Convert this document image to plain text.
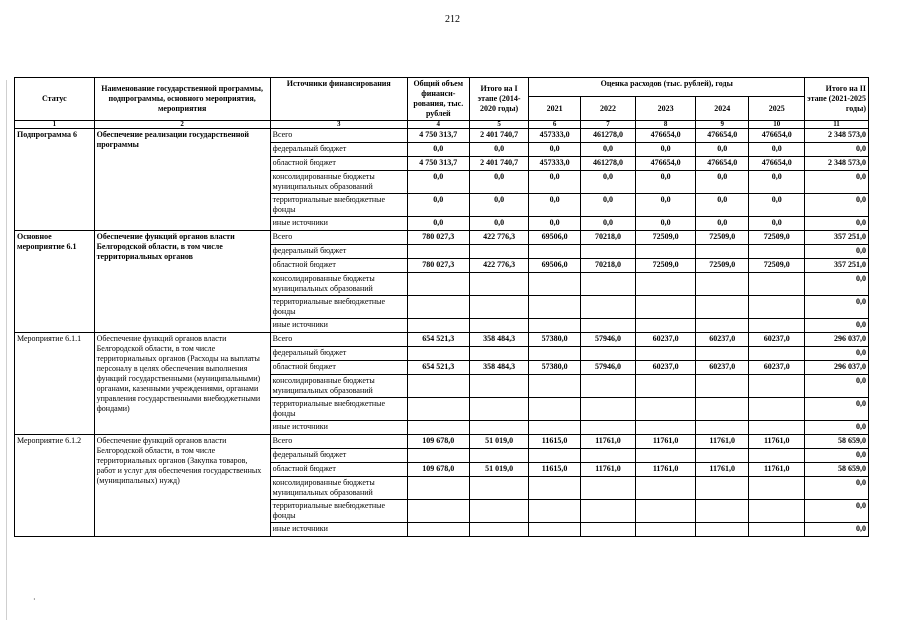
212
Статус	Наименование государственной программы, подпрограммы, основного мероприятия, мероприятия	Источники финансирования	Общий объем финанси-рования, тыс. рублей	Итого на I этапе (2014-2020 годы)	Оценка расходов (тыс. рублей), годы					Итого на II этапе (2021-2025 годы)
					2021	2022	2023	2024	2025	
1	2	3	4	5	6	7	8	9	10	11
Подпрограмма 6	Обеспечение реализации государственной программы	Всего	4 750 313,7	2 401 740,7	457333,0	461278,0	476654,0	476654,0	476654,0	2 348 573,0
		федеральный бюджет	0,0	0,0	0,0	0,0	0,0	0,0	0,0	0,0
		областной бюджет	4 750 313,7	2 401 740,7	457333,0	461278,0	476654,0	476654,0	476654,0	2 348 573,0
		консолидированные бюджеты муниципальных образований	0,0	0,0	0,0	0,0	0,0	0,0	0,0	0,0
		территориальные внебюджетные фонды	0,0	0,0	0,0	0,0	0,0	0,0	0,0	0,0
		иные источники	0,0	0,0	0,0	0,0	0,0	0,0	0,0	0,0
Основное мероприятие 6.1	Обеспечение функций органов власти Белгородской области, в том числе территориальных органов	Всего	780 027,3	422 776,3	69506,0	70218,0	72509,0	72509,0	72509,0	357 251,0
		федеральный бюджет								0,0
		областной бюджет	780 027,3	422 776,3	69506,0	70218,0	72509,0	72509,0	72509,0	357 251,0
		консолидированные бюджеты муниципальных образований								0,0
		территориальные внебюджетные фонды								0,0
		иные источники								0,0
Мероприятие 6.1.1	Обеспечение функций органов власти Белгородской области, в том числе территориальных органов (Расходы на выплаты персоналу в целях обеспечения выполнения функций государственными (муниципальными) органами, казенными учреждениями, органами управления государственными внебюджетными фондами)	Всего	654 521,3	358 484,3	57380,0	57946,0	60237,0	60237,0	60237,0	296 037,0
		федеральный бюджет								0,0
		областной бюджет	654 521,3	358 484,3	57380,0	57946,0	60237,0	60237,0	60237,0	296 037,0
		консолидированные бюджеты муниципальных образований								0,0
		территориальные внебюджетные фонды								0,0
		иные источники								0,0
Мероприятие 6.1.2	Обеспечение функций органов власти Белгородской области, в том числе территориальных органов (Закупка товаров, работ и услуг для обеспечения государственных (муниципальных) нужд)	Всего	109 678,0	51 019,0	11615,0	11761,0	11761,0	11761,0	11761,0	58 659,0
		федеральный бюджет								0,0
		областной бюджет	109 678,0	51 019,0	11615,0	11761,0	11761,0	11761,0	11761,0	58 659,0
		консолидированные бюджеты муниципальных образований								0,0
		территориальные внебюджетные фонды								0,0
		иные источники								0,0
·
